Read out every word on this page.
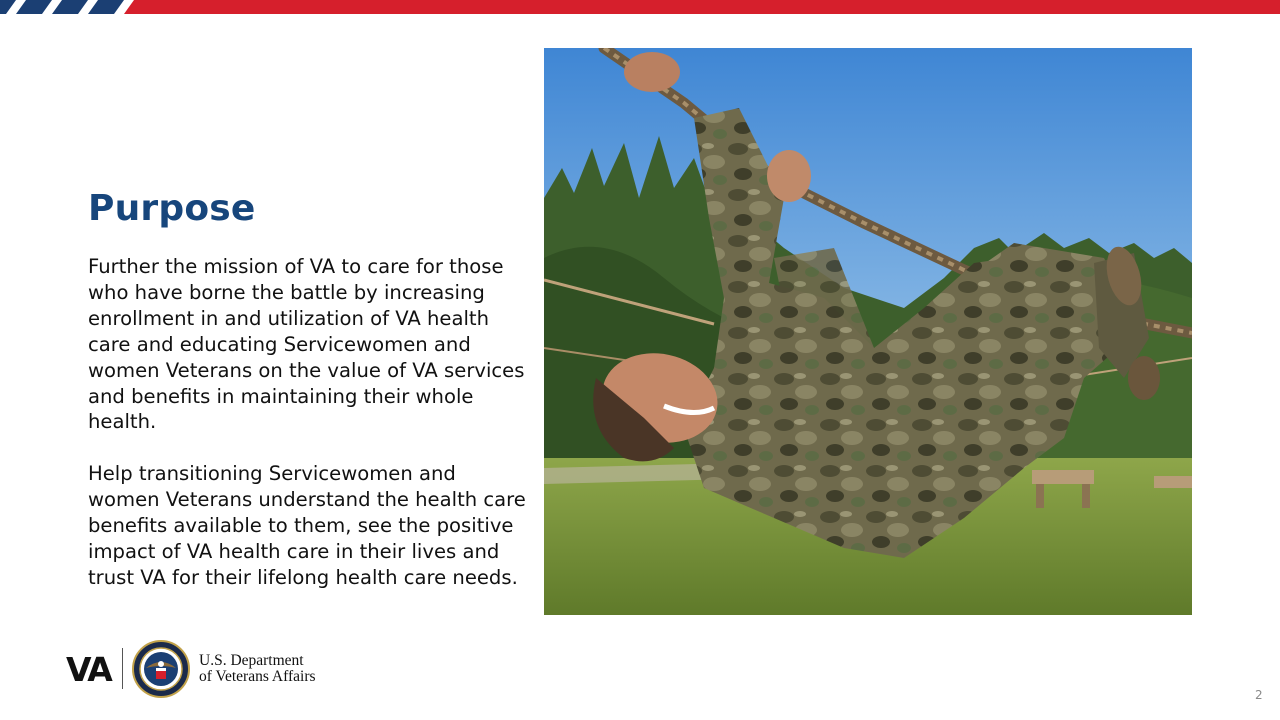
Purpose

Further the mission of VA to care for those who have borne the battle by increasing enrollment in and utilization of VA health care and educating Servicewomen and women Veterans on the value of VA services and benefits in maintaining their whole health.

Help transitioning Servicewomen and women Veterans understand the health care benefits available to them, see the positive impact of VA health care in their lives and trust VA for their lifelong health care needs.

VA	U.S. Department
of Veterans Affairs
2
